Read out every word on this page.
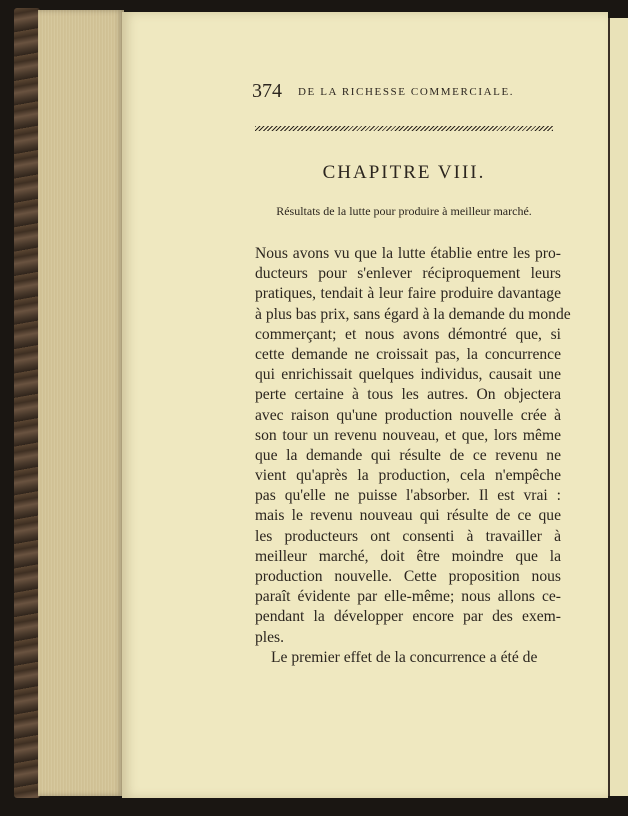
374 DE LA RICHESSE COMMERCIALE.
CHAPITRE VIII.
Résultats de la lutte pour produire à meilleur marché.
Nous avons vu que la lutte établie entre les pro-
ducteurs pour s'enlever réciproquement leurs
pratiques, tendait à leur faire produire davantage
à plus bas prix, sans égard à la demande du monde
commerçant; et nous avons démontré que, si
cette demande ne croissait pas, la concurrence
qui enrichissait quelques individus, causait une
perte certaine à tous les autres. On objectera
avec raison qu'une production nouvelle crée à
son tour un revenu nouveau, et que, lors même
que la demande qui résulte de ce revenu ne
vient qu'après la production, cela n'empêche
pas qu'elle ne puisse l'absorber. Il est vrai :
mais le revenu nouveau qui résulte de ce que
les producteurs ont consenti à travailler à
meilleur marché, doit être moindre que la
production nouvelle. Cette proposition nous
paraît évidente par elle-même; nous allons ce-
pendant la développer encore par des exem-
ples.
Le premier effet de la concurrence a été de
